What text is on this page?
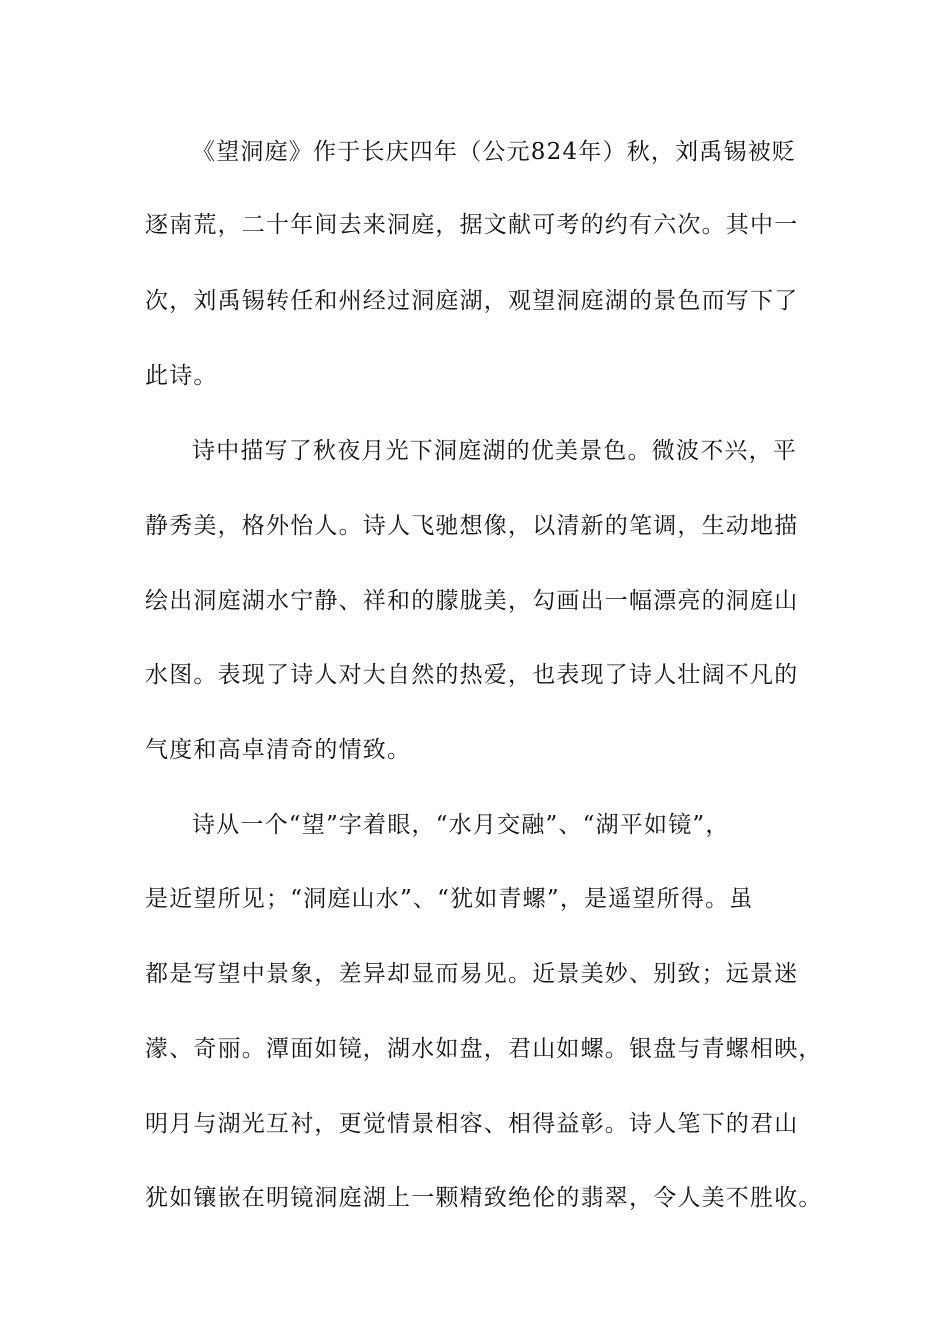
《望洞庭》作于长庆四年（公元824年）秋，刘禹锡被贬

逐南荒，二十年间去来洞庭，据文献可考的约有六次。其中一

次，刘禹锡转任和州经过洞庭湖，观望洞庭湖的景色而写下了

此诗。

诗中描写了秋夜月光下洞庭湖的优美景色。微波不兴，平

静秀美，格外怡人。诗人飞驰想像，以清新的笔调，生动地描

绘出洞庭湖水宁静、祥和的朦胧美，勾画出一幅漂亮的洞庭山

水图。表现了诗人对大自然的热爱，也表现了诗人壮阔不凡的

气度和高卓清奇的情致。

诗从一个“望”字着眼，“水月交融”、“湖平如镜”，

是近望所见；“洞庭山水”、“犹如青螺”，是遥望所得。虽

都是写望中景象，差异却显而易见。近景美妙、别致；远景迷

濛、奇丽。潭面如镜，湖水如盘，君山如螺。银盘与青螺相映，

明月与湖光互衬，更觉情景相容、相得益彰。诗人笔下的君山

犹如镶嵌在明镜洞庭湖上一颗精致绝伦的翡翠，令人美不胜收。
